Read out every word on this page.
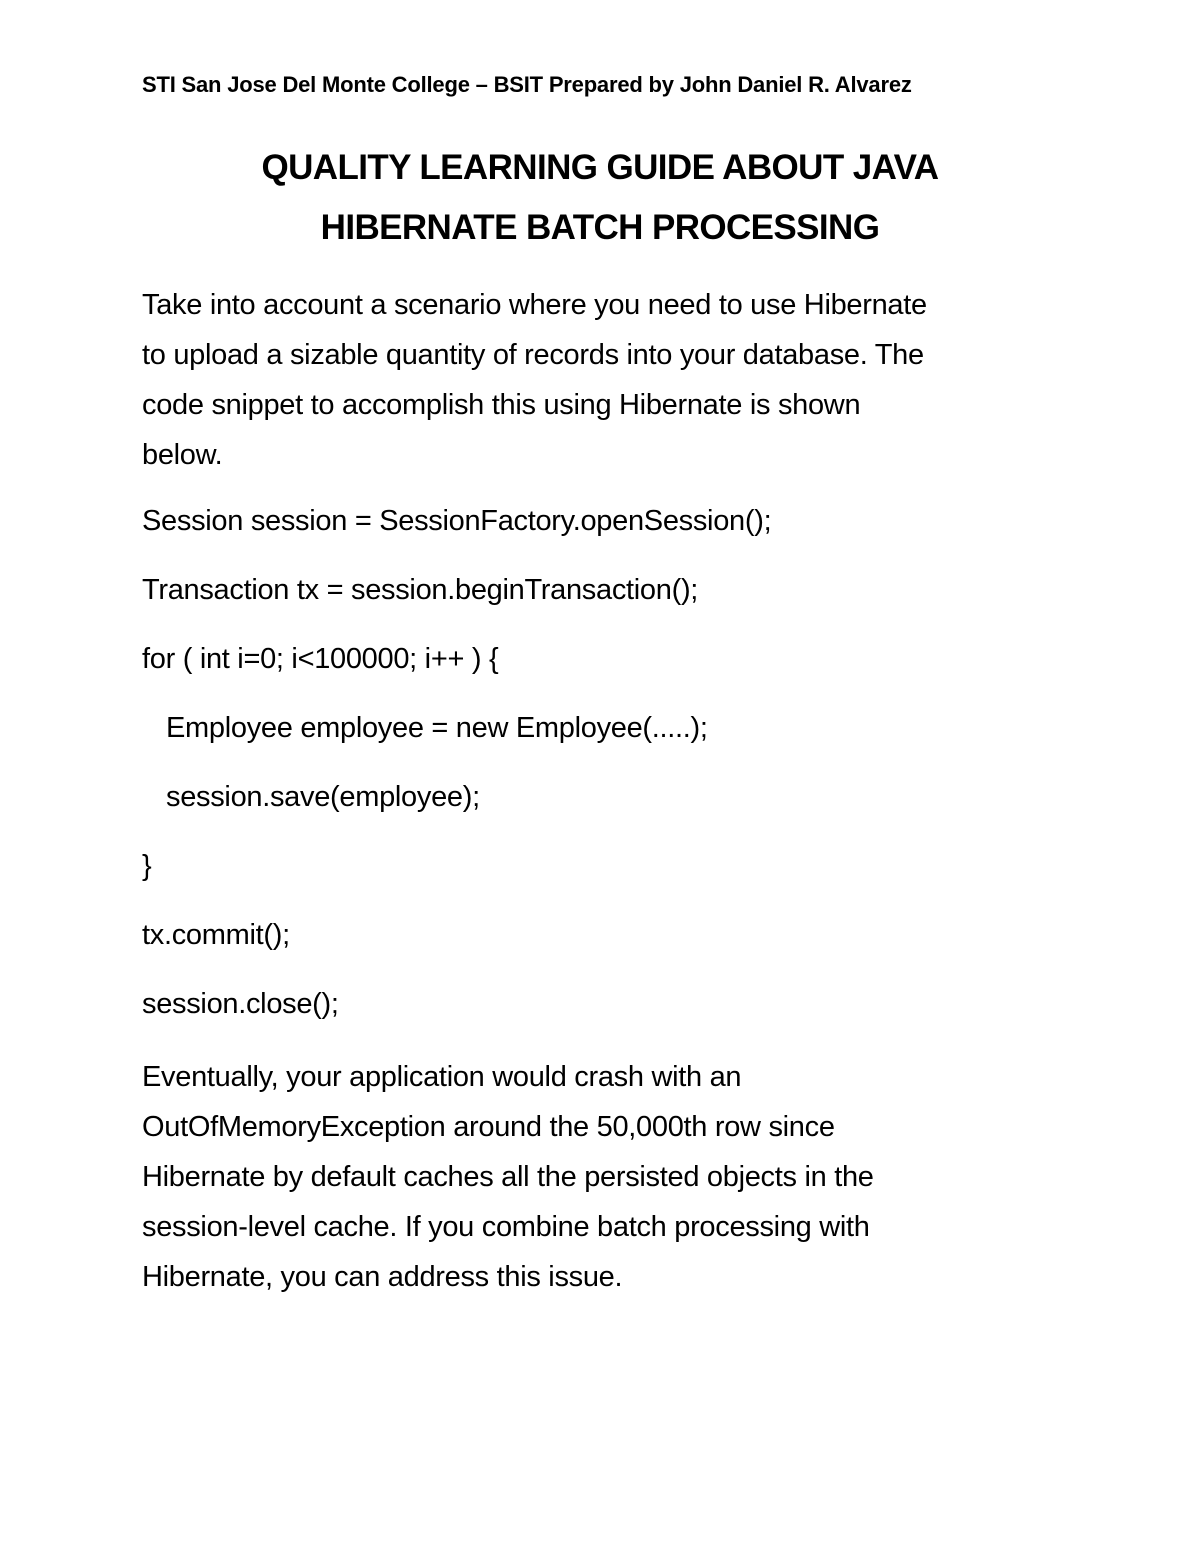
STI San Jose Del Monte College – BSIT Prepared by John Daniel R. Alvarez
QUALITY LEARNING GUIDE ABOUT JAVA
HIBERNATE BATCH PROCESSING
Take into account a scenario where you need to use Hibernate
to upload a sizable quantity of records into your database. The
code snippet to accomplish this using Hibernate is shown
below.
Session session = SessionFactory.openSession();
Transaction tx = session.beginTransaction();
for ( int i=0; i<100000; i++ ) {
Employee employee = new Employee(.....);
session.save(employee);
}
tx.commit();
session.close();
Eventually, your application would crash with an
OutOfMemoryException around the 50,000th row since
Hibernate by default caches all the persisted objects in the
session-level cache. If you combine batch processing with
Hibernate, you can address this issue.
